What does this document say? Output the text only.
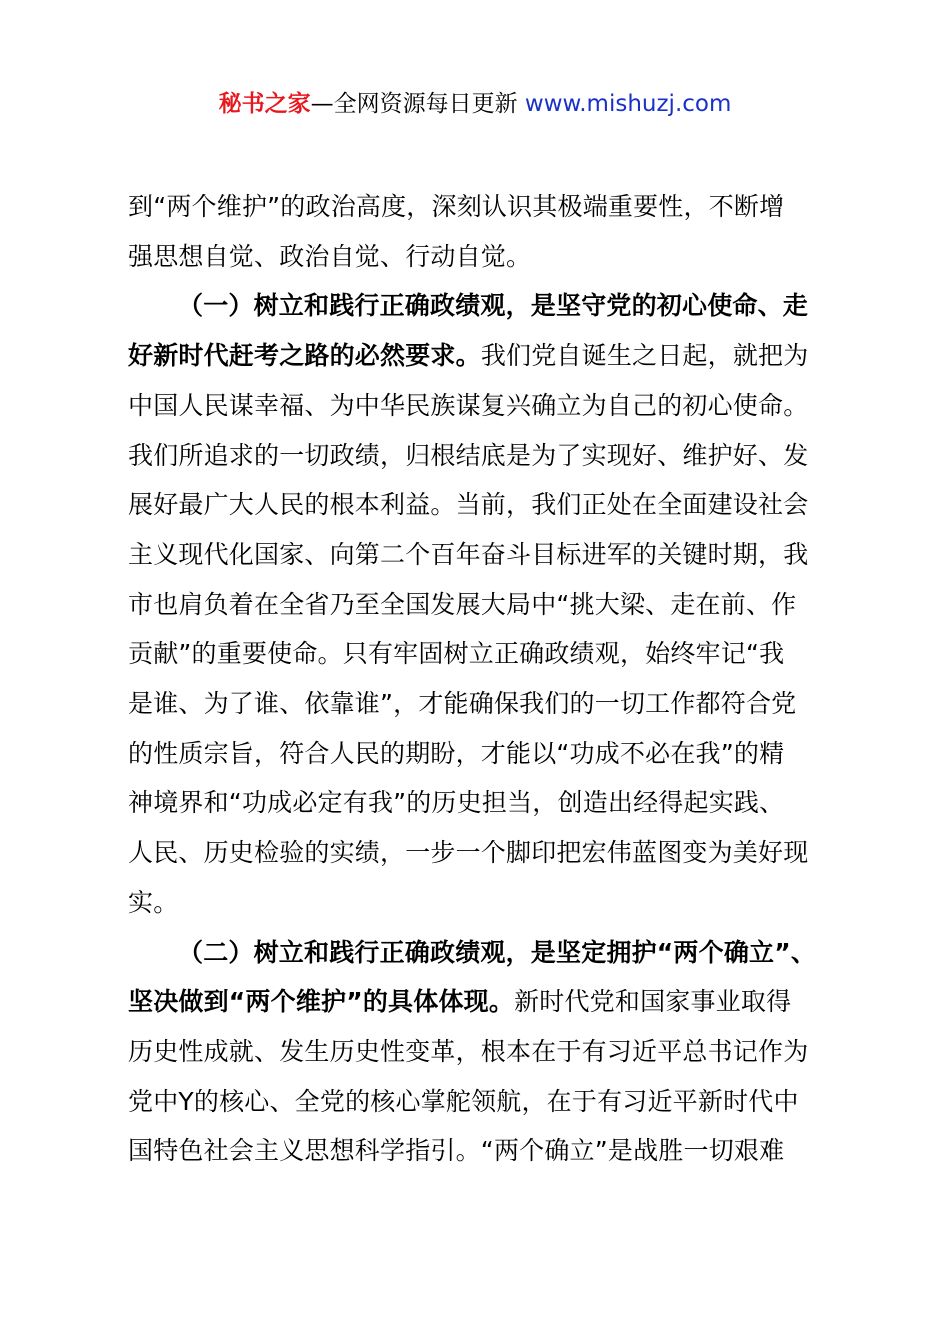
秘书之家—全网资源每日更新 www.mishuzj.com

到“两个维护”的政治高度，深刻认识其极端重要性，不断增
强思想自觉、政治自觉、行动自觉。

（一）树立和践行正确政绩观，是坚守党的初心使命、走
好新时代赶考之路的必然要求。我们党自诞生之日起，就把为
中国人民谋幸福、为中华民族谋复兴确立为自己的初心使命。
我们所追求的一切政绩，归根结底是为了实现好、维护好、发
展好最广大人民的根本利益。当前，我们正处在全面建设社会
主义现代化国家、向第二个百年奋斗目标进军的关键时期，我
市也肩负着在全省乃至全国发展大局中“挑大梁、走在前、作
贡献”的重要使命。只有牢固树立正确政绩观，始终牢记“我
是谁、为了谁、依靠谁”，才能确保我们的一切工作都符合党
的性质宗旨，符合人民的期盼，才能以“功成不必在我”的精
神境界和“功成必定有我”的历史担当，创造出经得起实践、
人民、历史检验的实绩，一步一个脚印把宏伟蓝图变为美好现
实。

（二）树立和践行正确政绩观，是坚定拥护“两个确立”、
坚决做到“两个维护”的具体体现。新时代党和国家事业取得
历史性成就、发生历史性变革，根本在于有习近平总书记作为
党中Y的核心、全党的核心掌舵领航，在于有习近平新时代中
国特色社会主义思想科学指引。“两个确立”是战胜一切艰难
